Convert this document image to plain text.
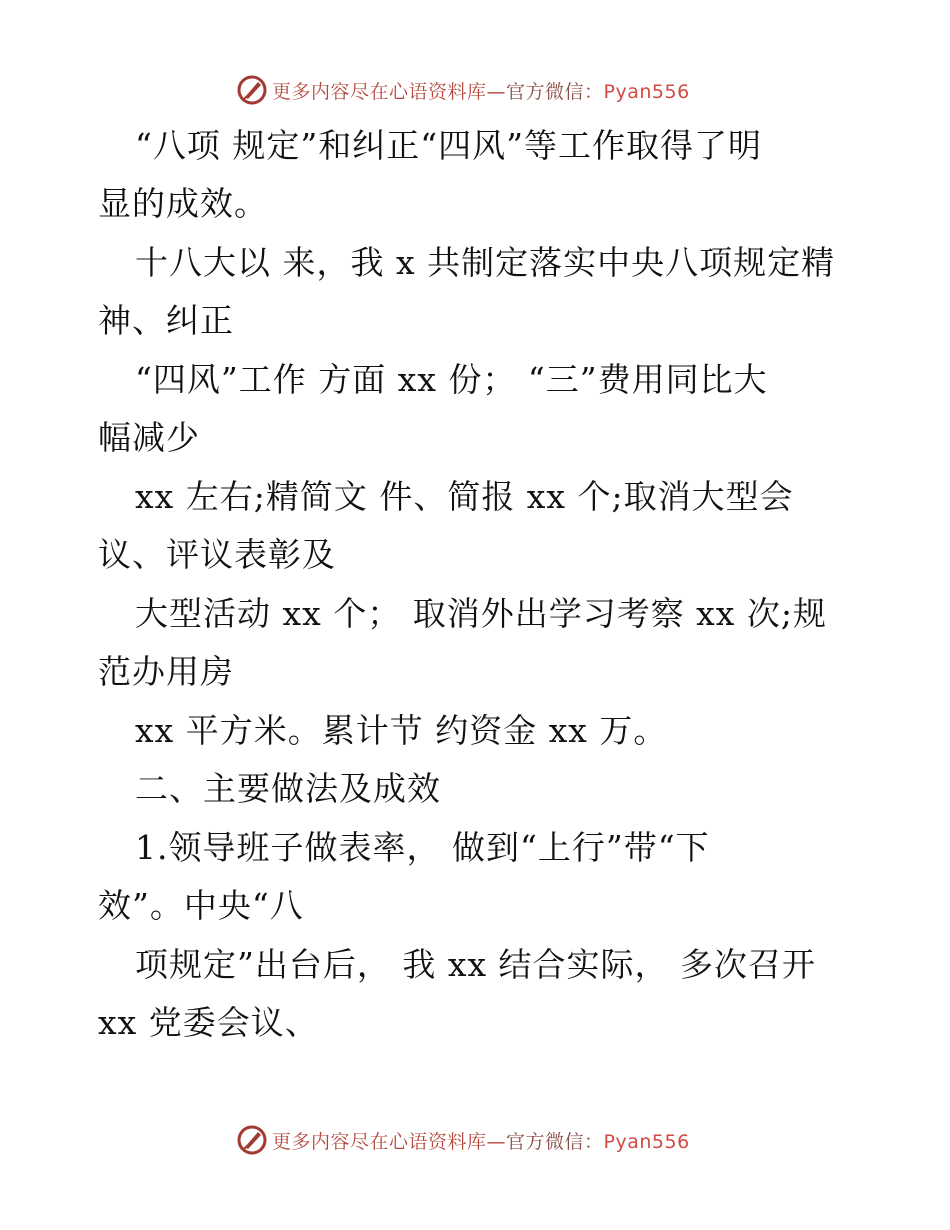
更多内容尽在心语资料库—官方微信：Pyan556
“八项 规定”和纠正“四风”等工作取得了明
显的成效。
十八大以 来，我 x 共制定落实中央八项规定精
神、纠正
“四风”工作 方面 xx 份； “三”费用同比大
幅减少
xx 左右;精简文 件、简报 xx 个;取消大型会
议、评议表彰及
大型活动 xx 个； 取消外出学习考察 xx 次;规
范办用房
xx 平方米。累计节 约资金 xx 万。
二、主要做法及成效
1.领导班子做表率， 做到“上行”带“下
效”。中央“八
项规定”出台后， 我 xx 结合实际， 多次召开
xx 党委会议、
更多内容尽在心语资料库—官方微信：Pyan556
